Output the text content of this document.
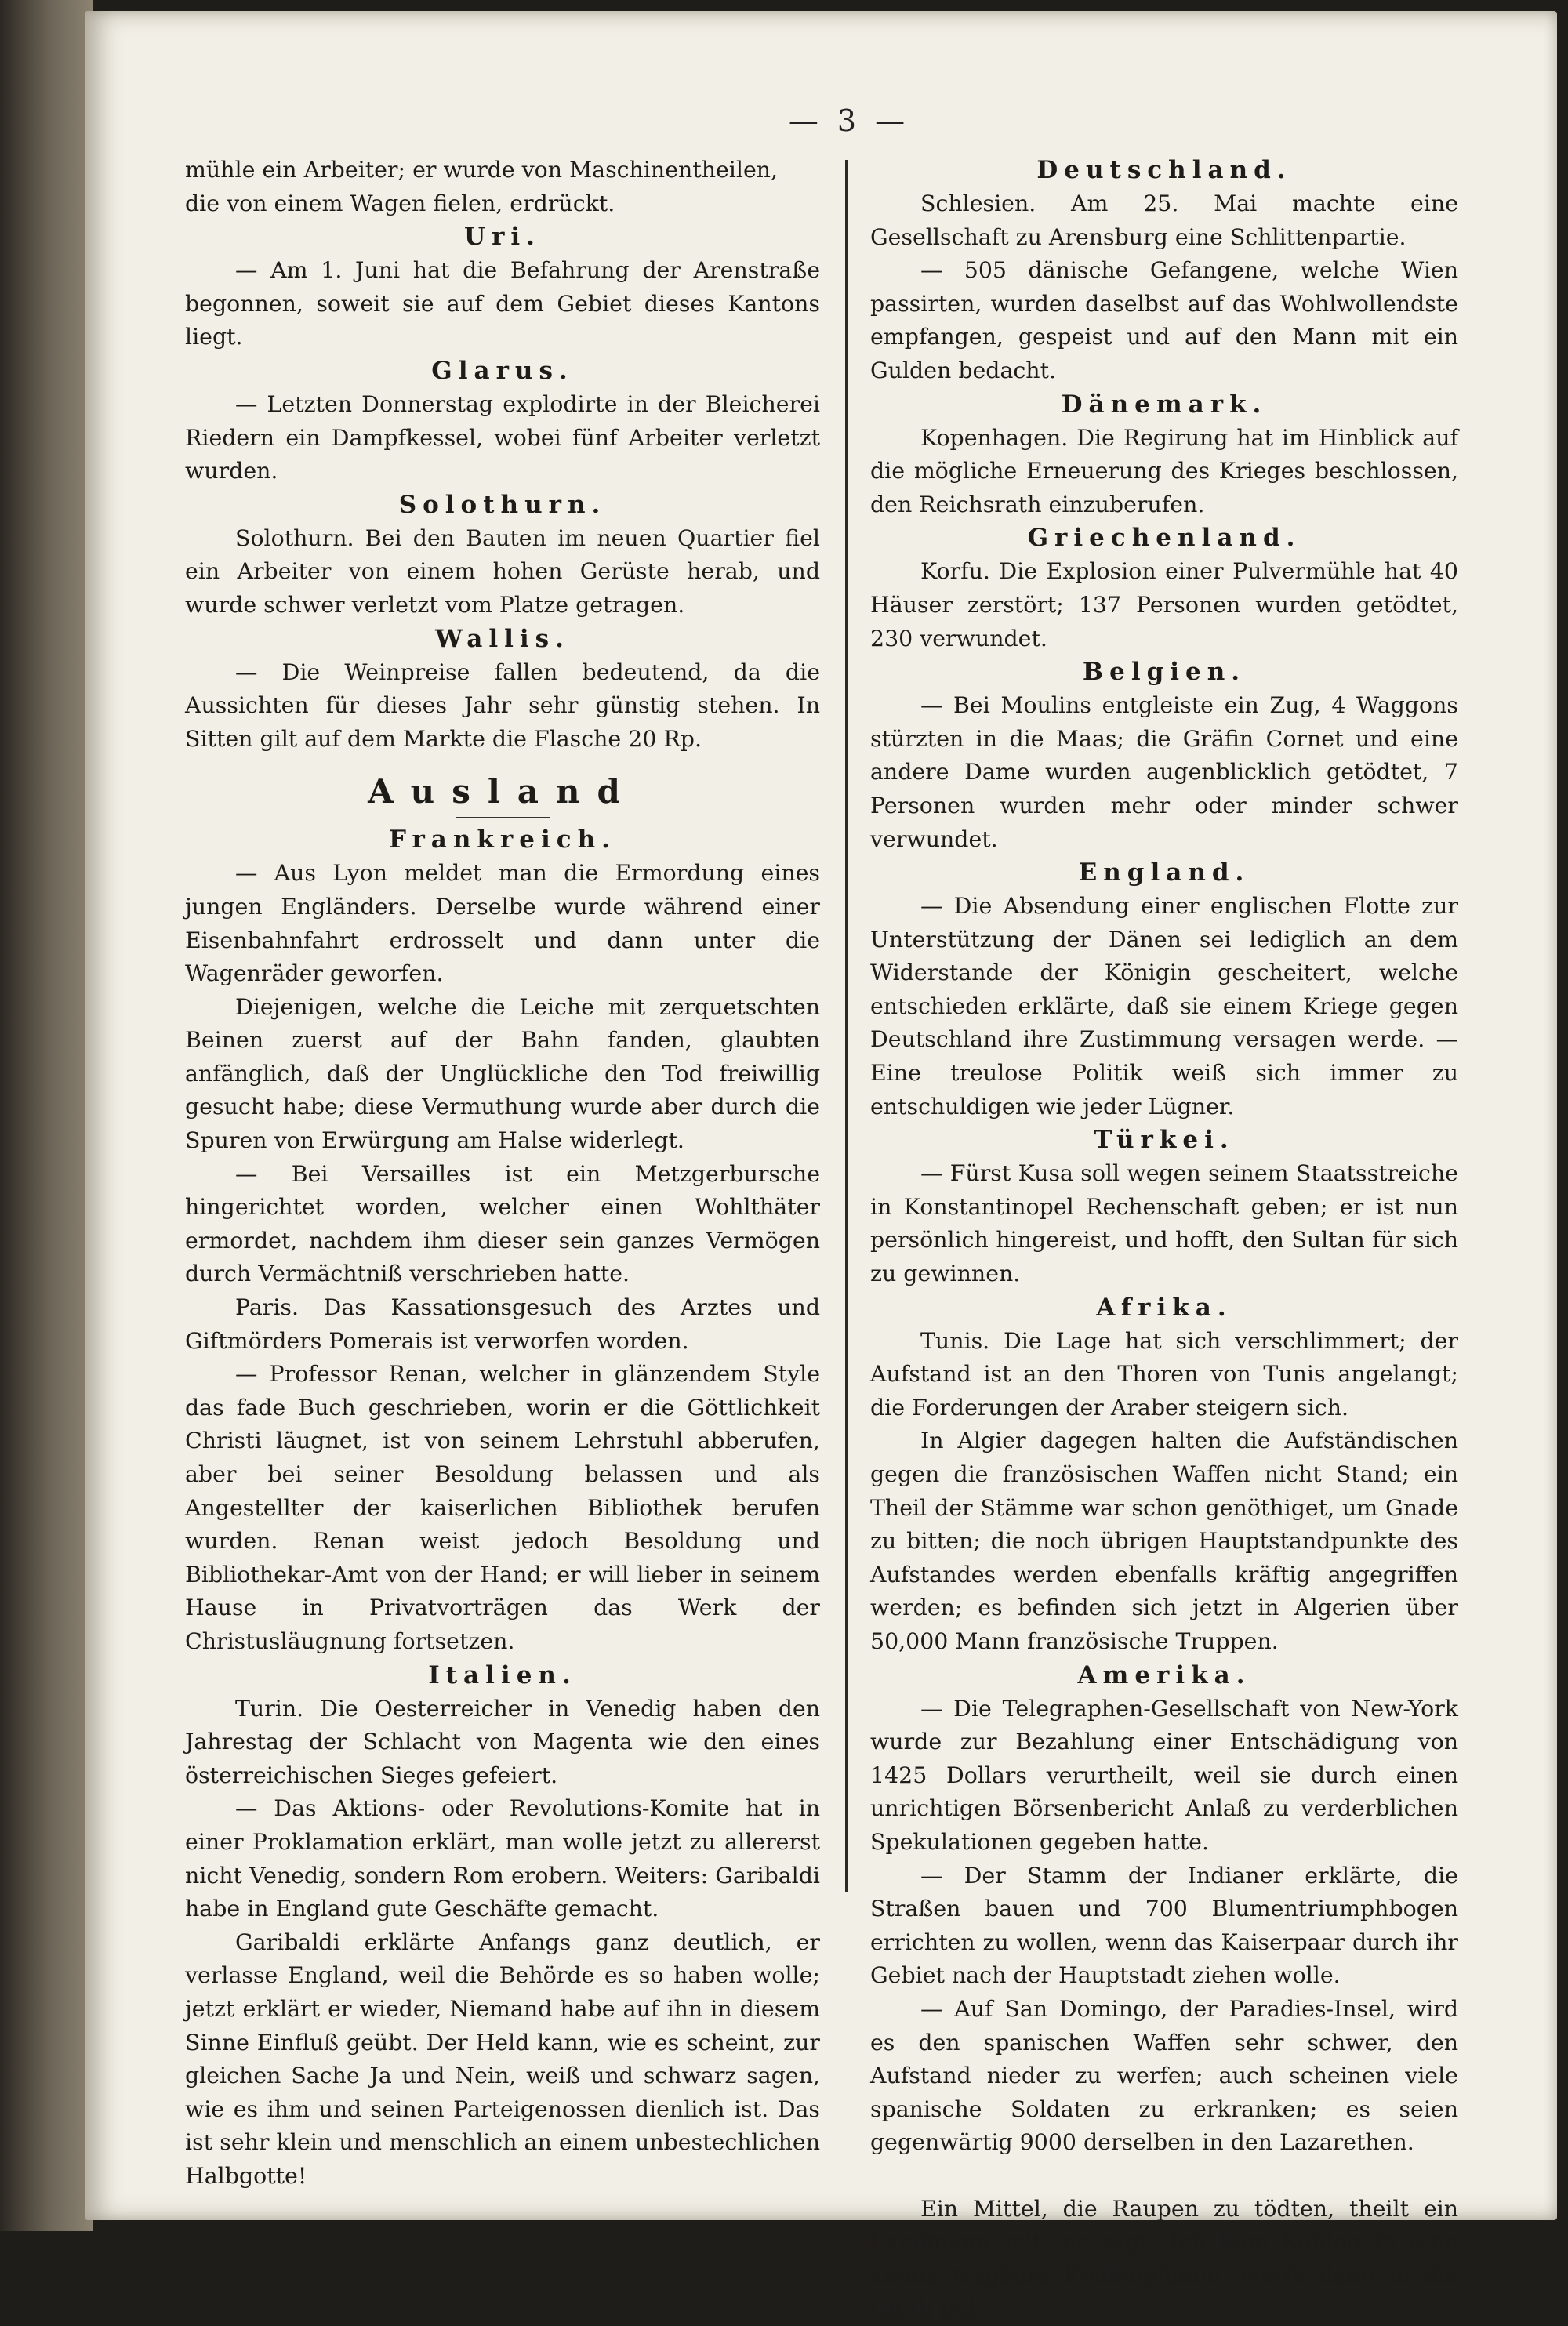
— 3 —

mühle ein Arbeiter; er wurde von Maschinentheilen,

die von einem Wagen fielen, erdrückt.

Uri.

— Am 1. Juni hat die Befahrung der Arenstraße begonnen, soweit sie auf dem Gebiet dieses Kantons liegt.

Glarus.

— Letzten Donnerstag explodirte in der Bleicherei Riedern ein Dampfkessel, wobei fünf Arbeiter verletzt wurden.

Solothurn.

Solothurn. Bei den Bauten im neuen Quartier fiel ein Arbeiter von einem hohen Gerüste herab, und wurde schwer verletzt vom Platze getragen.

Wallis.

— Die Weinpreise fallen bedeutend, da die Aussichten für dieses Jahr sehr günstig stehen. In Sitten gilt auf dem Markte die Flasche 20 Rp.

Ausland
Frankreich.

— Aus Lyon meldet man die Ermordung eines jungen Engländers. Derselbe wurde während einer Eisenbahnfahrt erdrosselt und dann unter die Wagenräder geworfen.

Diejenigen, welche die Leiche mit zerquetschten Beinen zuerst auf der Bahn fanden, glaubten anfänglich, daß der Unglückliche den Tod freiwillig gesucht habe; diese Vermuthung wurde aber durch die Spuren von Erwürgung am Halse widerlegt.

— Bei Versailles ist ein Metzgerbursche hingerichtet worden, welcher einen Wohlthäter ermordet, nachdem ihm dieser sein ganzes Vermögen durch Vermächtniß verschrieben hatte.

Paris. Das Kassationsgesuch des Arztes und Giftmörders Pomerais ist verworfen worden.

— Professor Renan, welcher in glänzendem Style das fade Buch geschrieben, worin er die Göttlichkeit Christi läugnet, ist von seinem Lehrstuhl abberufen, aber bei seiner Besoldung belassen und als Angestellter der kaiserlichen Bibliothek berufen wurden. Renan weist jedoch Besoldung und Bibliothekar-Amt von der Hand; er will lieber in seinem Hause in Privatvorträgen das Werk der Christusläugnung fortsetzen.

Italien.

Turin. Die Oesterreicher in Venedig haben den Jahrestag der Schlacht von Magenta wie den eines österreichischen Sieges gefeiert.

— Das Aktions- oder Revolutions-Komite hat in einer Proklamation erklärt, man wolle jetzt zu allererst nicht Venedig, sondern Rom erobern. Weiters: Garibaldi habe in England gute Geschäfte gemacht.

Garibaldi erklärte Anfangs ganz deutlich, er verlasse England, weil die Behörde es so haben wolle; jetzt erklärt er wieder, Niemand habe auf ihn in diesem Sinne Einfluß geübt. Der Held kann, wie es scheint, zur gleichen Sache Ja und Nein, weiß und schwarz sagen, wie es ihm und seinen Parteigenossen dienlich ist. Das ist sehr klein und menschlich an einem unbestechlichen Halbgotte!

Deutschland.

Schlesien. Am 25. Mai machte eine Gesellschaft zu Arensburg eine Schlittenpartie.

— 505 dänische Gefangene, welche Wien passirten, wurden daselbst auf das Wohlwollendste empfangen, gespeist und auf den Mann mit ein Gulden bedacht.

Dänemark.

Kopenhagen. Die Regirung hat im Hinblick auf die mögliche Erneuerung des Krieges beschlossen, den Reichsrath einzuberufen.

Griechenland.

Korfu. Die Explosion einer Pulvermühle hat 40 Häuser zerstört; 137 Personen wurden getödtet, 230 verwundet.

Belgien.

— Bei Moulins entgleiste ein Zug, 4 Waggons stürzten in die Maas; die Gräfin Cornet und eine andere Dame wurden augenblicklich getödtet, 7 Personen wurden mehr oder minder schwer verwundet.

England.

— Die Absendung einer englischen Flotte zur Unterstützung der Dänen sei lediglich an dem Widerstande der Königin gescheitert, welche entschieden erklärte, daß sie einem Kriege gegen Deutschland ihre Zustimmung versagen werde. — Eine treulose Politik weiß sich immer zu entschuldigen wie jeder Lügner.

Türkei.

— Fürst Kusa soll wegen seinem Staatsstreiche in Konstantinopel Rechenschaft geben; er ist nun persönlich hingereist, und hofft, den Sultan für sich zu gewinnen.

Afrika.

Tunis. Die Lage hat sich verschlimmert; der Aufstand ist an den Thoren von Tunis angelangt; die Forderungen der Araber steigern sich.

In Algier dagegen halten die Aufständischen gegen die französischen Waffen nicht Stand; ein Theil der Stämme war schon genöthiget, um Gnade zu bitten; die noch übrigen Hauptstandpunkte des Aufstandes werden ebenfalls kräftig angegriffen werden; es befinden sich jetzt in Algerien über 50,000 Mann französische Truppen.

Amerika.

— Die Telegraphen-Gesellschaft von New-York wurde zur Bezahlung einer Entschädigung von 1425 Dollars verurtheilt, weil sie durch einen unrichtigen Börsenbericht Anlaß zu verderblichen Spekulationen gegeben hatte.

— Der Stamm der Indianer erklärte, die Straßen bauen und 700 Blumentriumphbogen errichten zu wollen, wenn das Kaiserpaar durch ihr Gebiet nach der Hauptstadt ziehen wolle.

— Auf San Domingo, der Paradies-Insel, wird es den spanischen Waffen sehr schwer, den Aufstand nieder zu werfen; auch scheinen viele spanische Soldaten zu erkranken; es seien gegenwärtig 9000 derselben in den Lazarethen.

Ein Mittel, die Raupen zu tödten, theilt ein Landmann mit, er sagt: Ich lege Kohlen in eine kleine tragbare Kohlenpfanne, werfe dann in die Gluth pul-
